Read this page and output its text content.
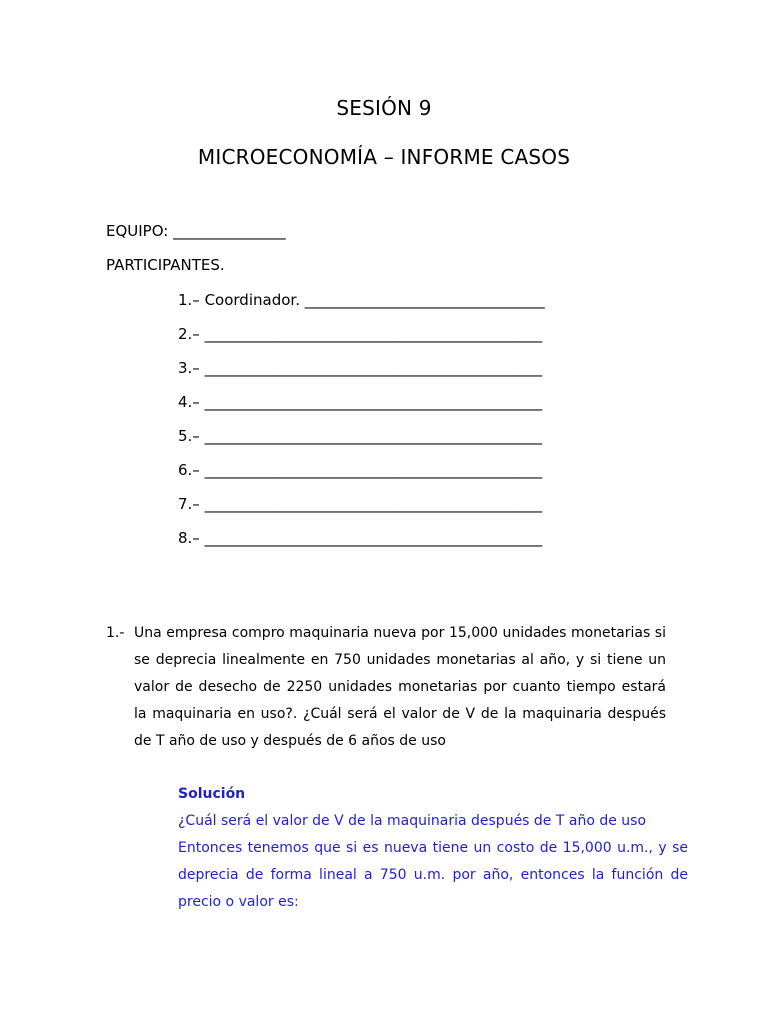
SESIÓN 9
MICROECONOMÍA – INFORME CASOS
EQUIPO: _______________
PARTICIPANTES.
1.– Coordinador. ________________________________
2.– _____________________________________________
3.– _____________________________________________
4.– _____________________________________________
5.– _____________________________________________
6.– _____________________________________________
7.– _____________________________________________
8.– _____________________________________________
1.- Una empresa compro maquinaria nueva por 15,000 unidades monetarias si se deprecia linealmente en 750 unidades monetarias al año, y si tiene un valor de desecho de 2250 unidades monetarias por cuanto tiempo estará la maquinaria en uso?. ¿Cuál será el valor de V de la maquinaria después de T año de uso y después de 6 años de uso
Solución
¿Cuál será el valor de V de la maquinaria después de T año de uso
Entonces tenemos que si es nueva tiene un costo de 15,000 u.m., y se deprecia de forma lineal a 750 u.m. por año, entonces la función de precio o valor es:
